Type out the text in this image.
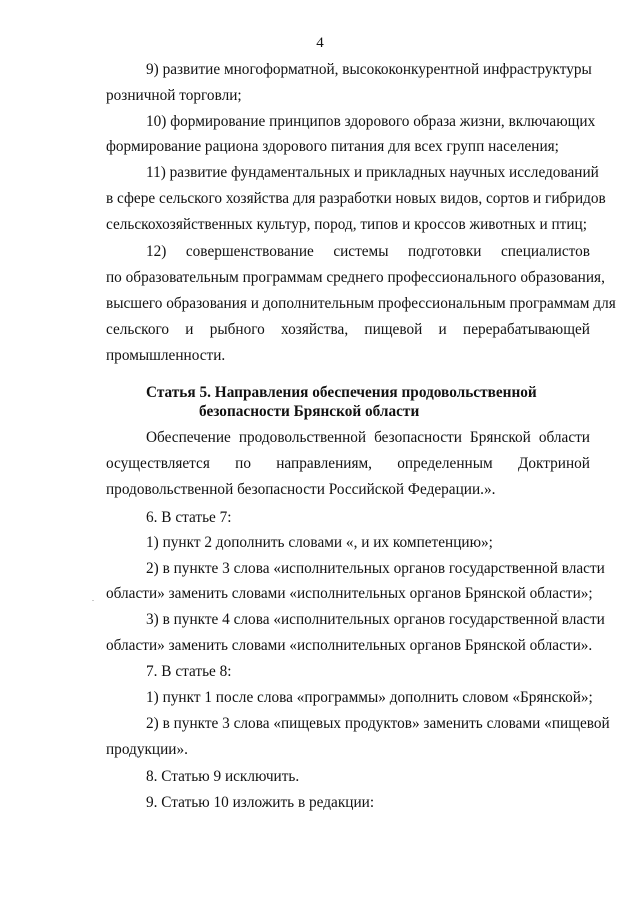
4
9) развитие многоформатной, высококонкурентной инфраструктуры
розничной торговли;
10) формирование принципов здорового образа жизни, включающих
формирование рациона здорового питания для всех групп населения;
11) развитие фундаментальных и прикладных научных исследований
в сфере сельского хозяйства для разработки новых видов, сортов и гибридов
сельскохозяйственных культур, пород, типов и кроссов животных и птиц;
12) совершенствование системы подготовки специалистов
по образовательным программам среднего профессионального образования,
высшего образования и дополнительным профессиональным программам для
сельского и рыбного хозяйства, пищевой и перерабатывающей
промышленности.
Статья 5. Направления обеспечения продовольственной
безопасности Брянской области
Обеспечение продовольственной безопасности Брянской области
осуществляется по направлениям, определенным Доктриной
продовольственной безопасности Российской Федерации.».
6. В статье 7:
1) пункт 2 дополнить словами «, и их компетенцию»;
2) в пункте 3 слова «исполнительных органов государственной власти
области» заменить словами «исполнительных органов Брянской области»;
3) в пункте 4 слова «исполнительных органов государственной власти
области» заменить словами «исполнительных органов Брянской области».
7. В статье 8:
1) пункт 1 после слова «программы» дополнить словом «Брянской»;
2) в пункте 3 слова «пищевых продуктов» заменить словами «пищевой
продукции».
8. Статью 9 исключить.
9. Статью 10 изложить в редакции:
.
,
